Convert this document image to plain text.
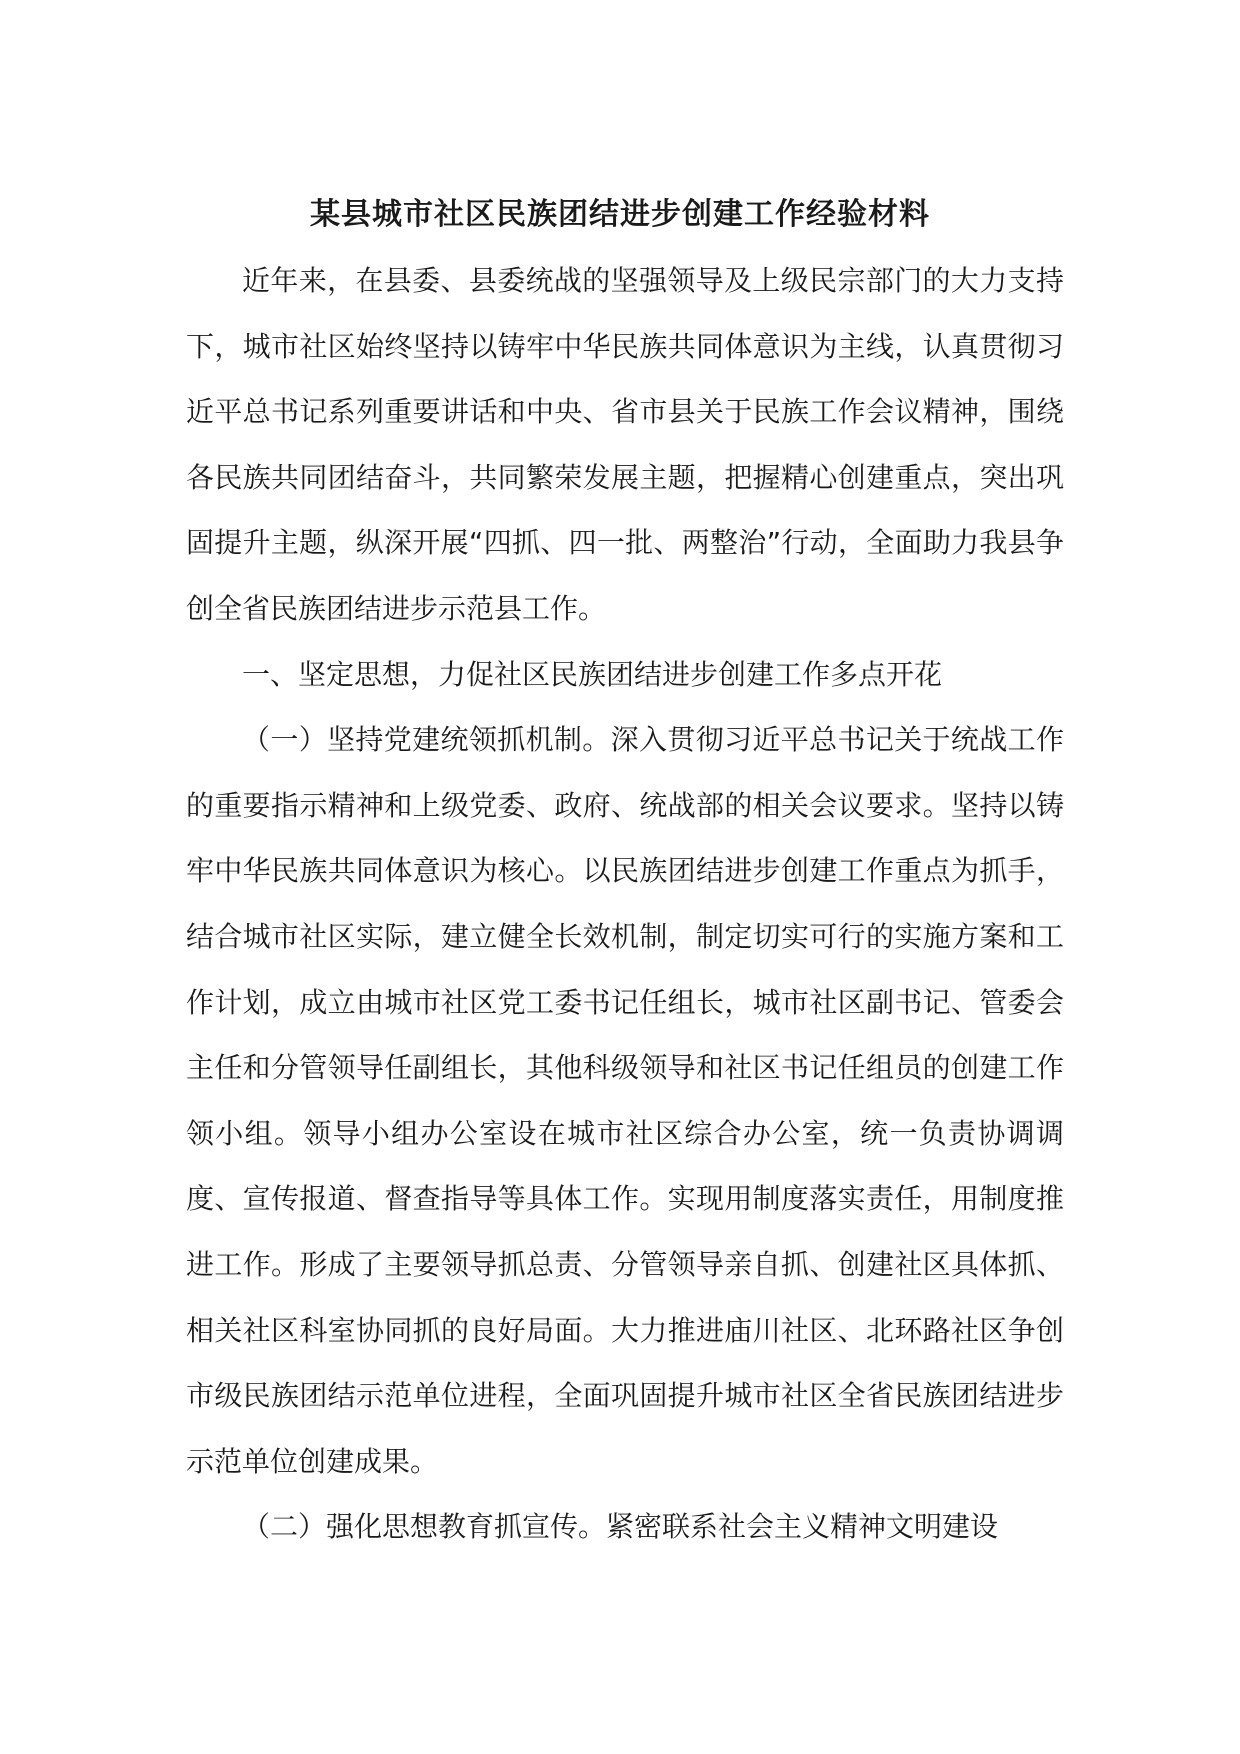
某县城市社区民族团结进步创建工作经验材料

近年来，在县委、县委统战的坚强领导及上级民宗部门的大力支持下，城市社区始终坚持以铸牢中华民族共同体意识为主线，认真贯彻习近平总书记系列重要讲话和中央、省市县关于民族工作会议精神，围绕各民族共同团结奋斗，共同繁荣发展主题，把握精心创建重点，突出巩固提升主题，纵深开展“四抓、四一批、两整治”行动，全面助力我县争创全省民族团结进步示范县工作。

一、坚定思想，力促社区民族团结进步创建工作多点开花

（一）坚持党建统领抓机制。深入贯彻习近平总书记关于统战工作的重要指示精神和上级党委、政府、统战部的相关会议要求。坚持以铸牢中华民族共同体意识为核心。以民族团结进步创建工作重点为抓手，结合城市社区实际，建立健全长效机制，制定切实可行的实施方案和工作计划，成立由城市社区党工委书记任组长，城市社区副书记、管委会主任和分管领导任副组长，其他科级领导和社区书记任组员的创建工作领小组。领导小组办公室设在城市社区综合办公室，统一负责协调调度、宣传报道、督查指导等具体工作。实现用制度落实责任，用制度推进工作。形成了主要领导抓总责、分管领导亲自抓、创建社区具体抓、相关社区科室协同抓的良好局面。大力推进庙川社区、北环路社区争创市级民族团结示范单位进程，全面巩固提升城市社区全省民族团结进步示范单位创建成果。

（二）强化思想教育抓宣传。紧密联系社会主义精神文明建设
